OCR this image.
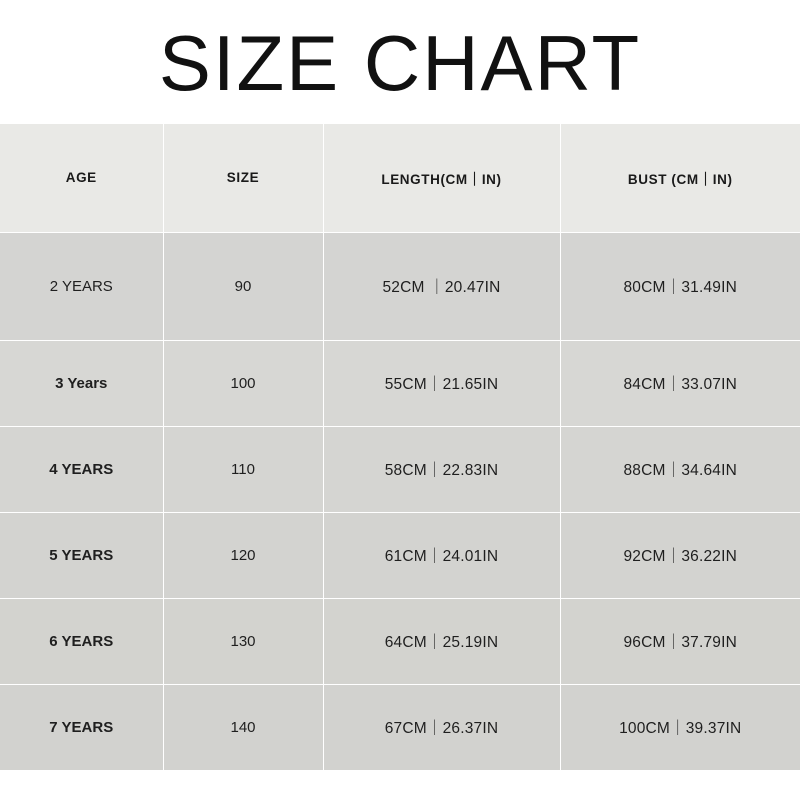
SIZE CHART
AGE	SIZE	LENGTH(CM｜IN)	BUST (CM｜IN)
2 YEARS	90	52CM ｜20.47IN	80CM｜31.49IN
3 Years	100	55CM｜21.65IN	84CM｜33.07IN
4 YEARS	110	58CM｜22.83IN	88CM｜34.64IN
5 YEARS	120	61CM｜24.01IN	92CM｜36.22IN
6 YEARS	130	64CM｜25.19IN	96CM｜37.79IN
7 YEARS	140	67CM｜26.37IN	100CM｜39.37IN
